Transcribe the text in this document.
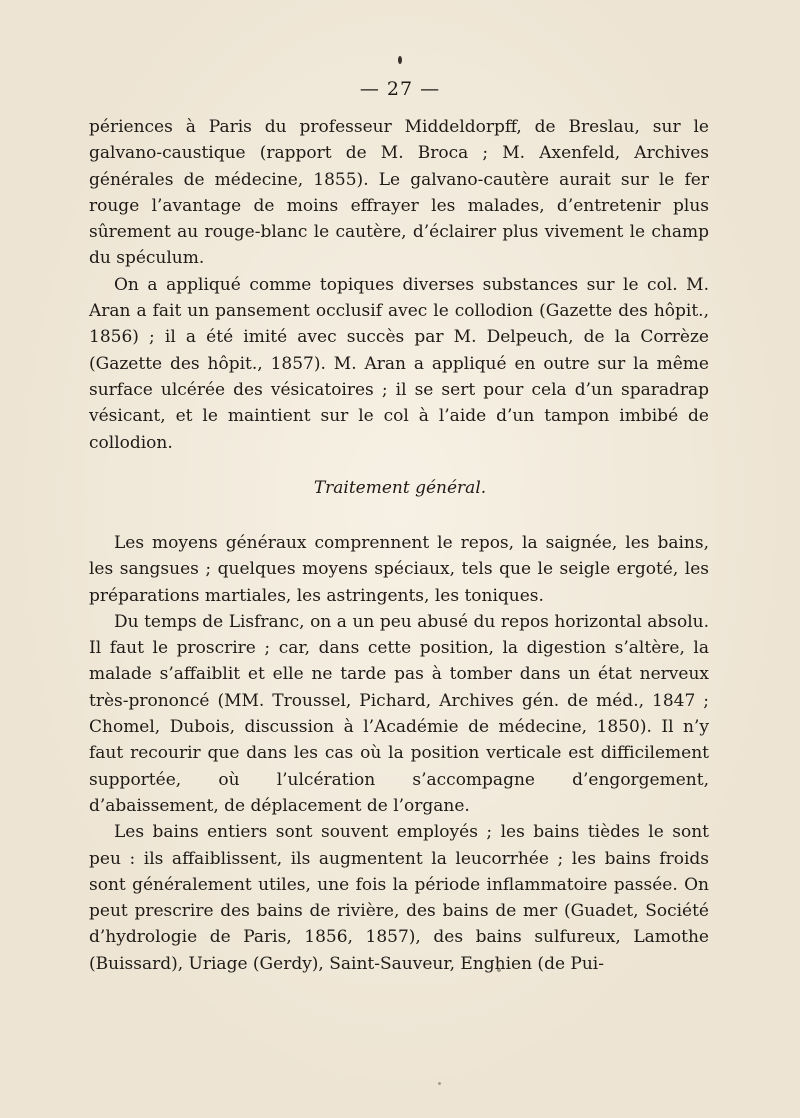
— 27 —

périences à Paris du professeur Middeldorpff, de Breslau, sur le galvano-caustique (rapport de M. Broca ; M. Axenfeld, Archives générales de médecine, 1855). Le galvano-cautère aurait sur le fer rouge l’avantage de moins effrayer les malades, d’entretenir plus sûrement au rouge-blanc le cautère, d’éclairer plus vivement le champ du spéculum.

On a appliqué comme topiques diverses substances sur le col. M. Aran a fait un pansement occlusif avec le collodion (Gazette des hôpit., 1856) ; il a été imité avec succès par M. Delpeuch, de la Corrèze (Gazette des hôpit., 1857). M. Aran a appliqué en outre sur la même surface ulcérée des vésicatoires ; il se sert pour cela d’un sparadrap vésicant, et le maintient sur le col à l’aide d’un tampon imbibé de collodion.

Traitement général.

Les moyens généraux comprennent le repos, la saignée, les bains, les sangsues ; quelques moyens spéciaux, tels que le seigle ergoté, les préparations martiales, les astringents, les toniques.

Du temps de Lisfranc, on a un peu abusé du repos horizontal absolu. Il faut le proscrire ; car, dans cette position, la digestion s’altère, la malade s’affaiblit et elle ne tarde pas à tomber dans un état nerveux très-prononcé (MM. Troussel, Pichard, Archives gén. de méd., 1847 ; Chomel, Dubois, discussion à l’Académie de médecine, 1850). Il n’y faut recourir que dans les cas où la position verticale est difficilement supportée, où l’ulcération s’accompagne d’engorgement, d’abaissement, de déplacement de l’organe.

Les bains entiers sont souvent employés ; les bains tièdes le sont peu : ils affaiblissent, ils augmentent la leucorrhée ; les bains froids sont généralement utiles, une fois la période inflammatoire passée. On peut prescrire des bains de rivière, des bains de mer (Guadet, Société d’hydrologie de Paris, 1856, 1857), des bains sulfureux, Lamothe (Buissard), Uriage (Gerdy), Saint-Sauveur, Enghien (de Pui-
